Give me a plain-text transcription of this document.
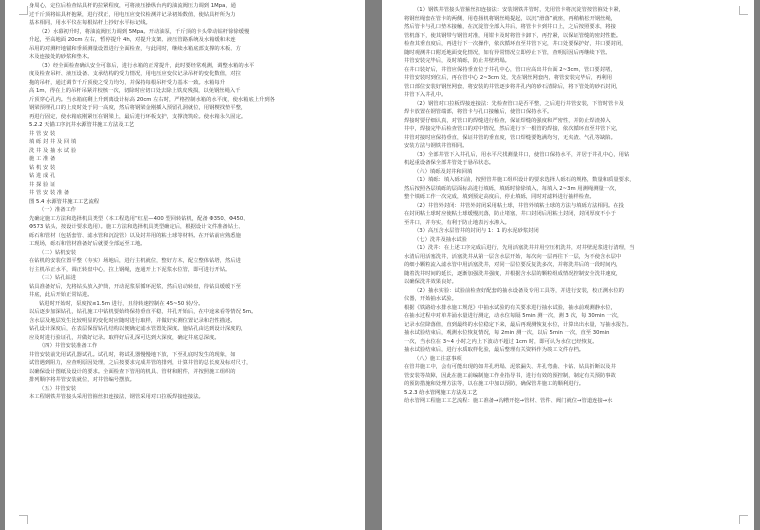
身周心，定位后检查钻具杆的拉紧程度，可将液压操纵台内的油流阀压力调到 1Mpa，通
过千斤顶将钻具杆抱紧，进行找正，用电压应变仪检测并记录初始数值，使钻具杆所为力
基本相同，用水平仪在每根钻杆上抄好水平标记线。
（2）水幕初升时，将油流阀压力调到 5Mpa。开动油泵，千斤顶的卡头带动钻杆徐徐缓慢
升起，至高地面 20cm 左右，暂停提升 4h，对提升支架、液压管路系统及水箱缓和未连
吊用的对测杆地锚和垂须测量设置进行全面检查，与此同时，继续水箱底部支撑的木板、方
木及连接处的砂浆和垫木。
（3）经全面检查确认安全可靠后，进行水箱的正常提升，此时要经常观测，调整水箱的水平
度及检查吊杆、液压设备、支承结构的受力情况，用电压应变仪记录吊杆的变化数值，对拉
拖的吊杆，通过调节千斤顶使之受力均匀，并保持每根吊杆受力基本一致。水箱每升
高 1m，得在上的吊杆吊紧并校核一次，切除时应切口处去除上铁皮残损，以免钢丝绳入千
斤顶穿心孔内。当水箱底剩上升到离设计标高 20cm 左右时，严格控制水箱的水平度，使水箱底上升到各
钢梁预埋孔口的上皮时处于同一高度，然后将钢梁金刚插入预留孔洞就位，用钢楔找垫平整，
再进行固定，使水箱底刚紧压在钢梁上，最后进行环板支护，支撑浇筑砼。使水箱永久固定。
5.2.2 天锚工序沉井水源管井施工方法及工艺
井 管 安 装
填 砾 封 井 及 回 填
洗 井 及 抽 水 试 验
施 工 准 备
钻 机 安 装
钻 进 成 孔
井 探 验 证
井 管 安 装 准 备
图 5.4 水源管井施工工艺流程
（一）准备工作
先确定施工方法和选择机具类型（本工程选用“红星—400 型回转钻机，配备 Φ350、Φ450、
Φ573 钻头，按设计要求选用）。施工方法和选择机具类型确定后，根据设计文件准备钻土、
砾石和管材（包括套管、滤水管和沉淀管）以及封井用的粘土球等材料。在开钻前应熟悉施
工现场，砾石和管材准备好后就要全部运至工地。
（二）钻机安装
在钻机的安装位置平整（夯实）场地后，进行主机就位，整好方木，配立整体钻塔，然后进
行主机吊正水平，调正转盘中心，拉上钢绳，连通开上下泥浆水位管，即可进行开钻。
（三）钻孔钻进
钻具准备好后，先将钻头放入护筒，开动泥浆泵循环泥浆，然后启动转盘，待钻具缓缓下至
井底，此后开始正常钻进。
钻进时开始时，泵度按≤1.5m 进行，且待转速控制在 45~50 转/分。
以后逐步加深钻孔，钻孔施工中钻机要始终保持垂直平稳，井孔开始后，在中途来看等情况 5m。
含水层及地层发生比较明显的变化时应随时进行取样，并做好实测位置记录和岩性描述。
钻孔设计深度后，在表层保留钻孔结构以便确定滤水管置处深度。施钻孔由达到设计深度的，
应及时进行验证孔，并做好记录。取样好后孔深可达到大深度，确定井底总深度。
（四）井管安装准备工作
井管安装前先用试孔器试孔。试孔时，将试孔器慢慢地下放，下至孔底时发生的现象，如
试管遇到阻力，应查明原因处理，之后按要求完成井管的排列，计算井管的总长度及标对尺寸，
以确保设计图纸及设计的要求。全面检查下管用的机具、管材和附件，并按照施工组织的
排列顺序将井管安装就位，对井管编号摆放。
（五）井管安装
本工程钢铁井管接头采用管箍丝扣连接法，钢管采用对口拉板焊接连接法。
（1）钢铁井管接头管箍丝扣连接法：安装钢铁井管时，先用管卡将沉淀管按管箍处卡紧，
将钢丝绳套在管卡的两侧，用卷扬机将钢丝绳提起，以沉“滑落”就座，再稍稍松开钢丝绳，
然后管卡与孔口垫木接触，在沉淀管全部入井后，将管卡卡到井口上，之后按照要求，将接
管机落下，使其钢带与钢管对准，用钳卡及时将管卡卸下，再拧紧，以保证管缝的密封性能。
检查其垂直度后，再进行下一次操作，依次循环直至井管下完，井口处要保护好，井口要封闭，
随时观测井口附近地面变化情况，如有异常情况立即停止下管，查明原因后再继续下管。
井管安装完毕后，及时填砾，防止井壁坍塌。
在井口装好后，井管应保持垂直位于井孔中心，管口应高出井台面 2~3cm，管口要封堵，
井管安装时到位后，再在管中心 2~3cm 处，先在钢丝网套内，将管安装完毕后，再利用
管口部位安装好钢丝网套，将安装的井管逐步将井孔内的砂石清除后，将下管处的砂石封闭，
井管下入井孔中。
（2）钢管对口拉板焊接连接法：先检查管口是否平整，之后进行井管安装，下管时管卡及
焊卡放置在钢管端部，将管卡与孔口接触后，使管口保持水平。
焊接时要仔细认真，对管口的焊缝进行检查，保证焊缝的强度和严密性，并防止焊渣掉入
井中，焊接完毕后检查管口的对中情况，然后进行下一根管的焊接，依次循环直至井管下完，
井管对接时应保持垂直，保证井管的垂直度，管口焊缝要饱满均匀，无夹渣、气孔等缺陷。
安装方法与钢铁井管相同。
（3）全部井管下入井孔后，用水平尺找测量井口，使管口保持水平，并居于井孔中心，用钻
机起重设备保全部井管处于悬吊状态。
（六）填砾及封井和回填
（1）填砾：填入砾石前，按照管井施工组织设计的要求选择人砾石的规格，数量和质量要求，
然后按照各层填砾的层面标高进行填砾，填砾时徐徐填入，每填入 2~3m 用测绳测量一次，
整个填砾工作一次完成，填到预定高度后，停止填砾，同时对滤料进行抽样检查。
（2）井管外封闭：井管外封闭采用粘土球，井管外填粘土球的方法与填砾方法相同。在投
在封闭粘土球时应使粘土球缓慢沉落，防止堵塞，井口封闭后用粘土封闭，封闭厚度不小于
至井口，并夯实，有利于防止地表污水渗入。
（3）高压含水层管井的封闭与 1：1 的水泥砂浆封闭
（七）洗井及抽水试验
（1）洗井：在上述工序完成后进行，先用活塞洗井并用空压机洗井，对井壁泥浆进行清理，当
水清后用活塞洗井，活塞洗井从第一层含水层开始，每次向一层再往下一层，为不使含水层中
的细小颗粒流入滤水管中用活塞洗井，对同一层位要反复洗多次，并将洗井后的一段时间内，
随着洗井时间的延长，逐渐加强洗井强度，并根据含水层的颗粒组成情况控制安全洗井速度，
以确保洗井效果良好。
（2）抽水实验：试验前检查好配套的抽水设备及专用工具等，并进行安装，校正测水位的
仪器，开始抽水试验。
根据《铁路给水排水施工规范》中抽水试验的有关要求进行抽水试验，抽水前观测静水位，
在抽水过程中对单井涌水量进行测定，动水位每隔 5min 测一次，测 3 次，每 30min 一次，
记录水位降落值，直到最终的水位稳定下来，最后再观测恢复水位，计算出出水量，写抽水报告。
抽水试验结束后，观测水位恢复情况，每 2min 测一次，以后 5min 一次，直至 30min
一次，当水位在 3~4 小时之内上下波动不超过 1cm 时，即可认为水位已经恢复。
抽水试验结束后，进行水质取样化验，最后整理有关资料作为竣工文件存档。
（八）施工注意事项
在管井施工中，会有可能出现的如井孔坍塌、泥浆漏失、井孔弯曲、卡钻、钻具折断以及井
管安装等故障，因此在施工前编制施工作业指导书，进行有效的预控制，制定有关预防事故
的预防措施和处理方法等，以在施工中加以预防，确保管井施工的顺利进行。
5.2.3 给水管网施工方法及工艺
给水管网工程施工工艺流程：施工准备→沟槽开挖→管材、管件、阀门就位→管道连接→水
